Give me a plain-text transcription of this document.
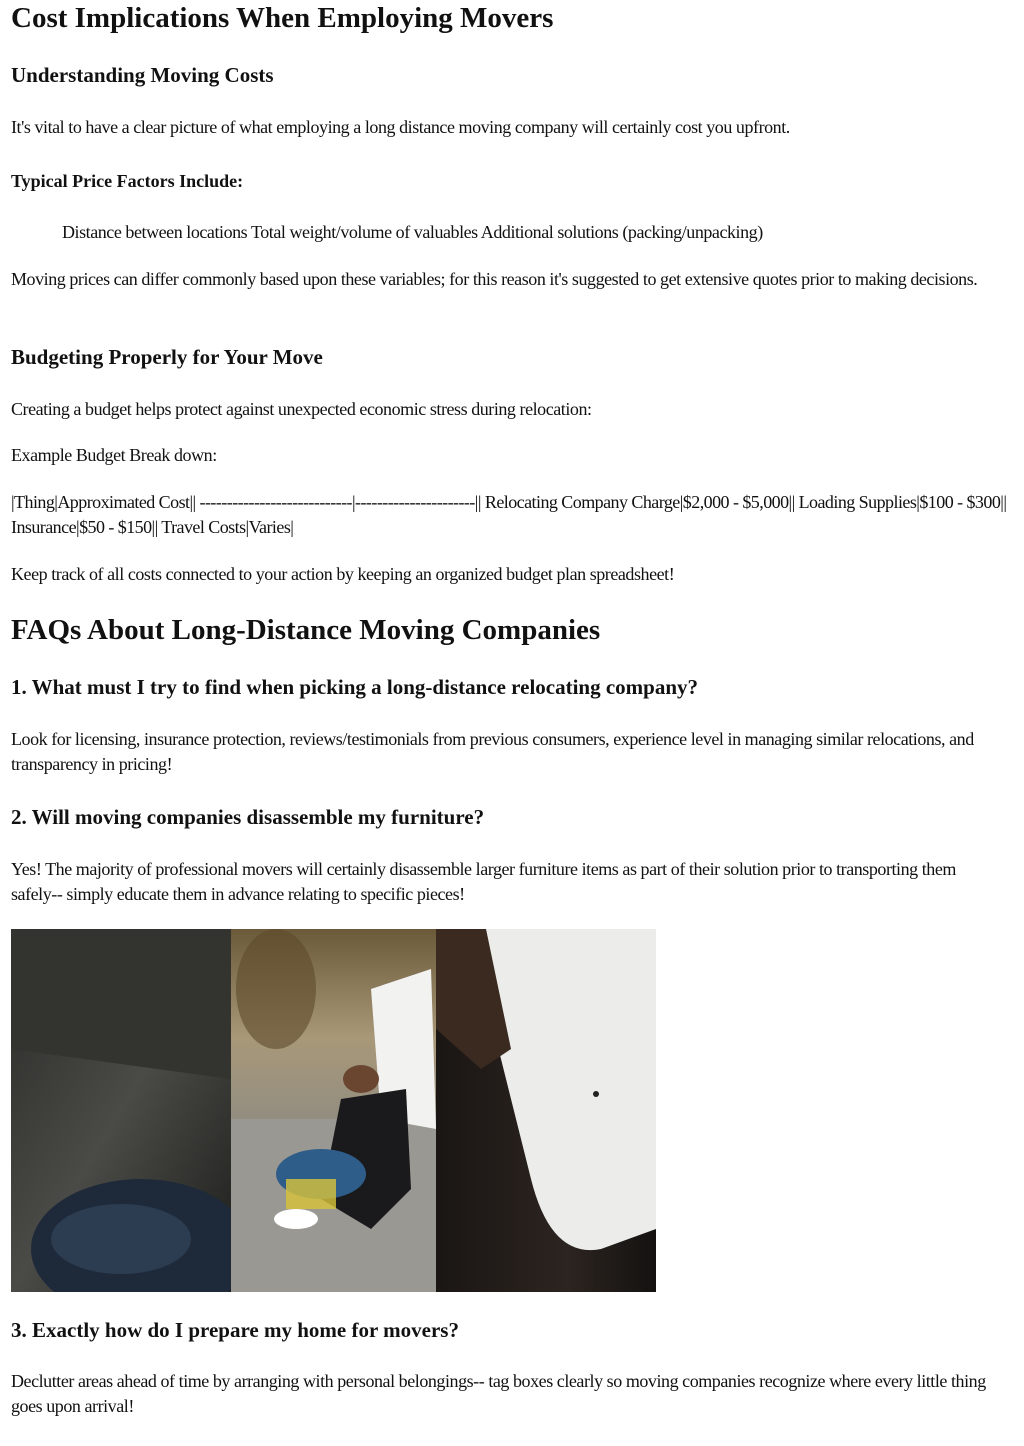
Cost Implications When Employing Movers
Understanding Moving Costs

It's vital to have a clear picture of what employing a long distance moving company will certainly cost you upfront.

Typical Price Factors Include:

Distance between locations Total weight/volume of valuables Additional solutions (packing/unpacking)

Moving prices can differ commonly based upon these variables; for this reason it's suggested to get extensive quotes prior to making decisions.

Budgeting Properly for Your Move

Creating a budget helps protect against unexpected economic stress during relocation:

Example Budget Break down:

|Thing|Approximated Cost|| ----------------------------|----------------------|| Relocating Company Charge|$2,000 - $5,000|| Loading Supplies|$100 - $300|| Insurance|$50 - $150|| Travel Costs|Varies|

Keep track of all costs connected to your action by keeping an organized budget plan spreadsheet!

FAQs About Long-Distance Moving Companies
1. What must I try to find when picking a long-distance relocating company?

Look for licensing, insurance protection, reviews/testimonials from previous consumers, experience level in managing similar relocations, and transparency in pricing!

2. Will moving companies disassemble my furniture?

Yes! The majority of professional movers will certainly disassemble larger furniture items as part of their solution prior to transporting them safely-- simply educate them in advance relating to specific pieces!

3. Exactly how do I prepare my home for movers?

Declutter areas ahead of time by arranging with personal belongings-- tag boxes clearly so moving companies recognize where every little thing goes upon arrival!
